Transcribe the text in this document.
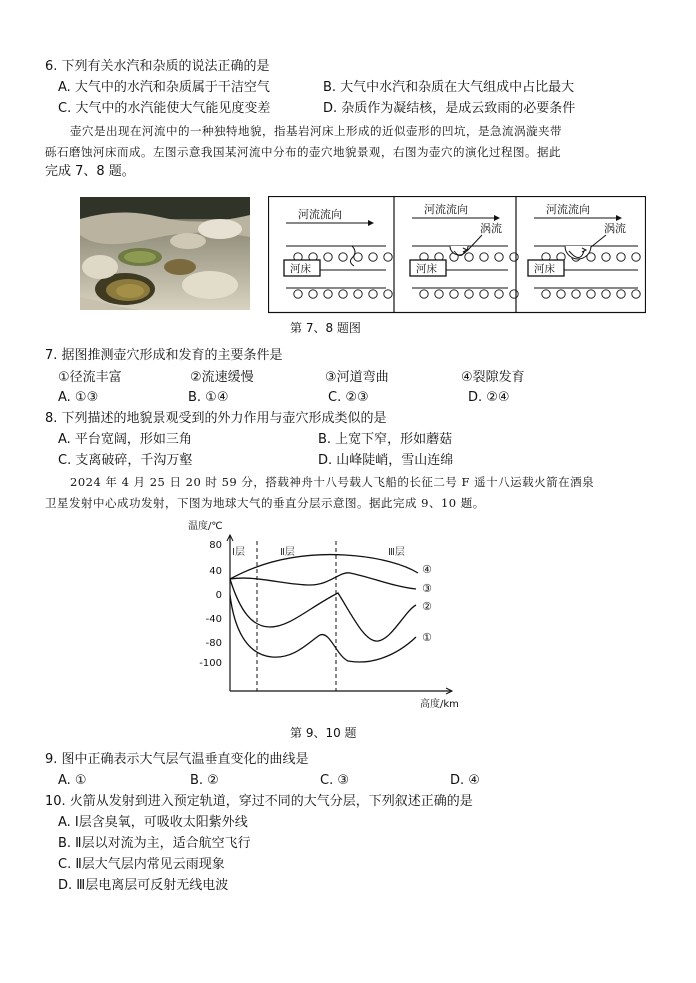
6. 下列有关水汽和杂质的说法正确的是
A. 大气中的水汽和杂质属于干洁空气	B. 大气中水汽和杂质在大气组成中占比最大
C. 大气中的水汽能使大气能见度变差	D. 杂质作为凝结核，是成云致雨的必要条件
壶穴是出现在河流中的一种独特地貌，指基岩河床上形成的近似壶形的凹坑，是急流涡漩夹带
砾石磨蚀河床而成。左图示意我国某河流中分布的壶穴地貌景观，右图为壶穴的演化过程图。据此
完成 7、8 题。
河流流向
河床
河流流向
河床
涡流
河流流向
河床
涡流
第 7、8 题图
7. 据图推测壶穴形成和发育的主要条件是
①径流丰富	②流速缓慢	③河道弯曲	④裂隙发育
A. ①③	B. ①④	C. ②③	D. ②④
8. 下列描述的地貌景观受到的外力作用与壶穴形成类似的是
A. 平台宽阔，形如三角	B. 上宽下窄，形如蘑菇
C. 支离破碎，千沟万壑	D. 山峰陡峭，雪山连绵
2024 年 4 月 25 日 20 时 59 分，搭载神舟十八号载人飞船的长征二号 F 遥十八运载火箭在酒泉
卫星发射中心成功发射，下图为地球大气的垂直分层示意图。据此完成 9、10 题。
温度/℃
高度/km
80
40
0
-40
-80
-100
Ⅰ层	Ⅱ层	Ⅲ层
④
③
②
①
第 9、10 题
9. 图中正确表示大气层气温垂直变化的曲线是
A. ①	B. ②	C. ③	D. ④
10. 火箭从发射到进入预定轨道，穿过不同的大气分层，下列叙述正确的是
A. Ⅰ层含臭氧，可吸收太阳紫外线
B. Ⅱ层以对流为主，适合航空飞行
C. Ⅱ层大气层内常见云雨现象
D. Ⅲ层电离层可反射无线电波
